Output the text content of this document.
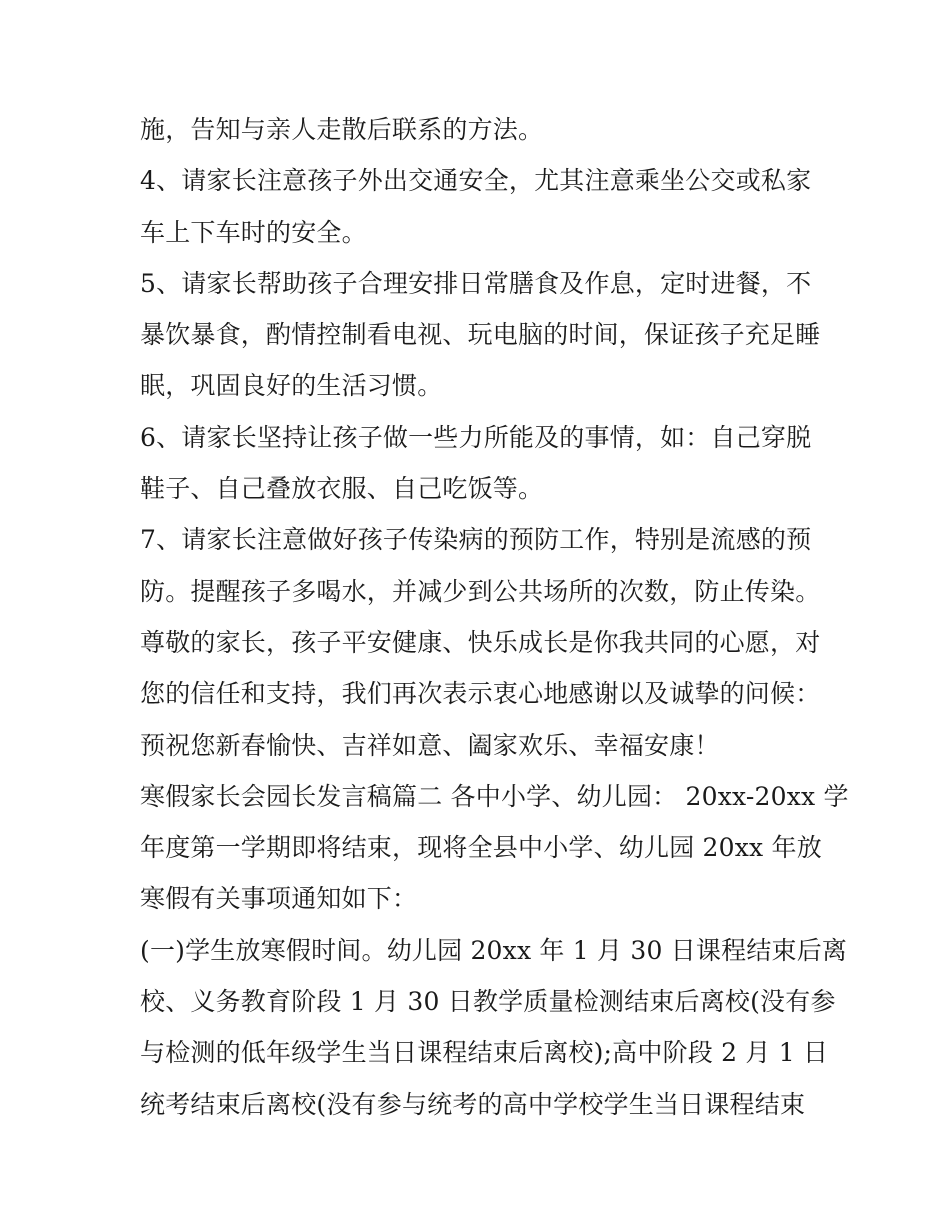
施，告知与亲人走散后联系的方法。
4、请家长注意孩子外出交通安全，尤其注意乘坐公交或私家
车上下车时的安全。
5、请家长帮助孩子合理安排日常膳食及作息，定时进餐，不
暴饮暴食，酌情控制看电视、玩电脑的时间，保证孩子充足睡
眠，巩固良好的生活习惯。
6、请家长坚持让孩子做一些力所能及的事情，如：自己穿脱
鞋子、自己叠放衣服、自己吃饭等。
7、请家长注意做好孩子传染病的预防工作，特别是流感的预
防。提醒孩子多喝水，并减少到公共场所的次数，防止传染。
尊敬的家长，孩子平安健康、快乐成长是你我共同的心愿，对
您的信任和支持，我们再次表示衷心地感谢以及诚挚的问候：
预祝您新春愉快、吉祥如意、阖家欢乐、幸福安康！
寒假家长会园长发言稿篇二 各中小学、幼儿园： 20xx-20xx 学
年度第一学期即将结束，现将全县中小学、幼儿园 20xx 年放
寒假有关事项通知如下：
(一)学生放寒假时间。幼儿园 20xx 年 1 月 30 日课程结束后离
校、义务教育阶段 1 月 30 日教学质量检测结束后离校(没有参
与检测的低年级学生当日课程结束后离校);高中阶段 2 月 1 日
统考结束后离校(没有参与统考的高中学校学生当日课程结束
